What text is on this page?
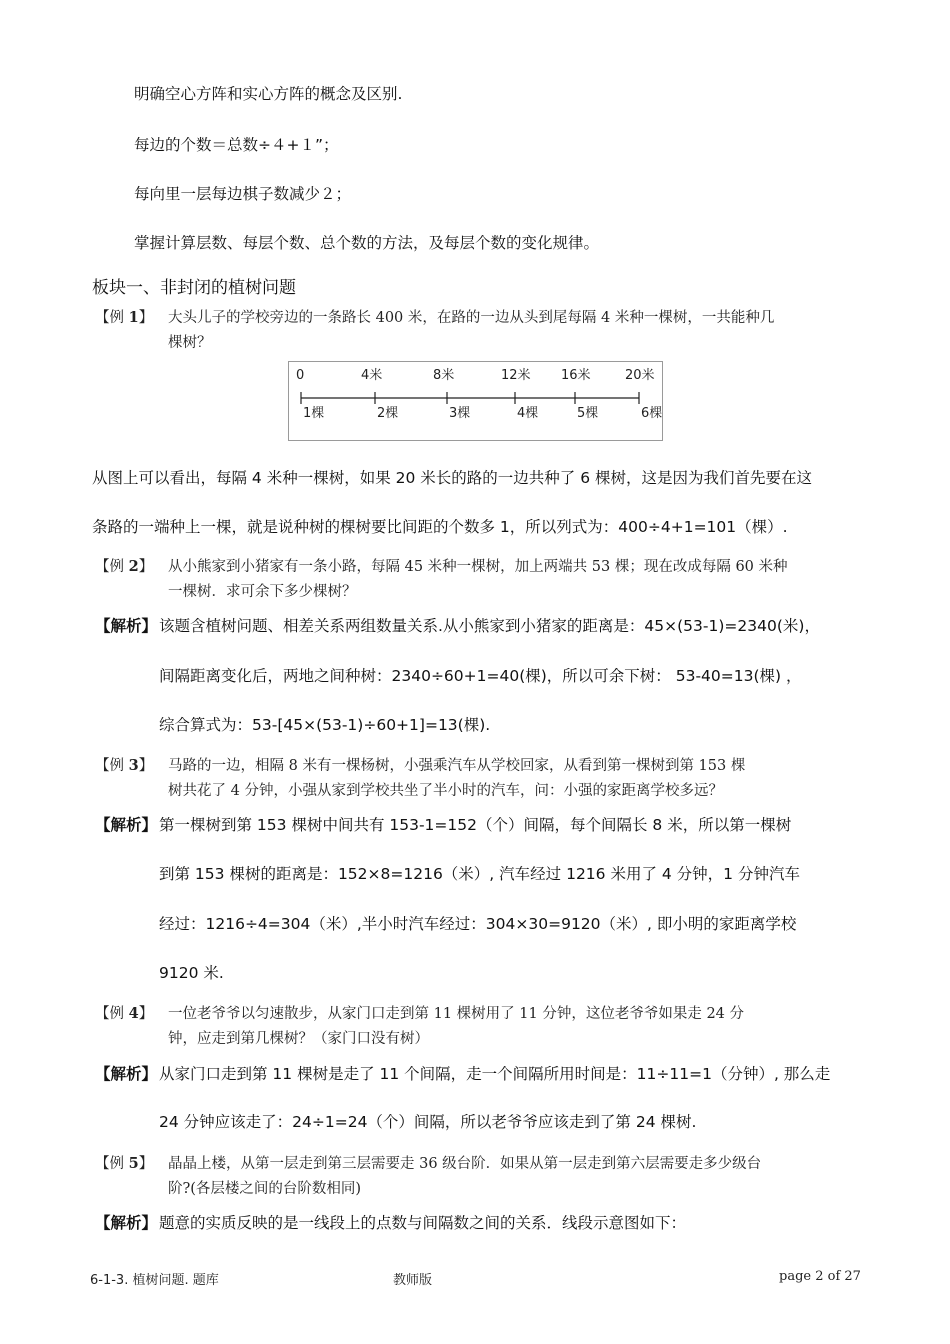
明确空心方阵和实心方阵的概念及区别.
每边的个数＝总数÷４+１”；
每向里一层每边棋子数减少２；
掌握计算层数、每层个数、总个数的方法，及每层个数的变化规律。
板块一、非封闭的植树问题
【例 1】 大头儿子的学校旁边的一条路长 400 米，在路的一边从头到尾每隔 4 米种一棵树，一共能种几
棵树？
0	4米	8米	12米 16米	20米
1棵	2棵	3棵	4棵	5棵	6棵
从图上可以看出，每隔 4 米种一棵树，如果 20 米长的路的一边共种了 6 棵树，这是因为我们首先要在这
条路的一端种上一棵，就是说种树的棵树要比间距的个数多 1，所以列式为：400÷4+1=101（棵）.
【例 2】 从小熊家到小猪家有一条小路，每隔 45 米种一棵树，加上两端共 53 棵；现在改成每隔 60 米种
一棵树．求可余下多少棵树？
【解析】 该题含植树问题、相差关系两组数量关系.从小熊家到小猪家的距离是：45×(53-1)=2340(米)，
间隔距离变化后，两地之间种树：2340÷60+1=40(棵)，所以可余下树： 53-40=13(棵) ，
综合算式为：53-[45×(53-1)÷60+1]=13(棵).
【例 3】 马路的一边，相隔 8 米有一棵杨树，小强乘汽车从学校回家，从看到第一棵树到第 153 棵
树共花了 4 分钟，小强从家到学校共坐了半小时的汽车，问：小强的家距离学校多远？
【解析】 第一棵树到第 153 棵树中间共有 153-1=152（个）间隔，每个间隔长 8 米，所以第一棵树
到第 153 棵树的距离是：152×8=1216（米）, 汽车经过 1216 米用了 4 分钟，1 分钟汽车
经过：1216÷4=304（米）,半小时汽车经过：304×30=9120（米）, 即小明的家距离学校
9120 米.
【例 4】 一位老爷爷以匀速散步，从家门口走到第 11 棵树用了 11 分钟，这位老爷爷如果走 24 分
钟，应走到第几棵树？（家门口没有树）
【解析】 从家门口走到第 11 棵树是走了 11 个间隔，走一个间隔所用时间是：11÷11=1（分钟）, 那么走
24 分钟应该走了：24÷1=24（个）间隔，所以老爷爷应该走到了第 24 棵树.
【例 5】 晶晶上楼，从第一层走到第三层需要走 36 级台阶．如果从第一层走到第六层需要走多少级台
阶?(各层楼之间的台阶数相同)
【解析】 题意的实质反映的是一线段上的点数与间隔数之间的关系．线段示意图如下：
6-1-3. 植树问题. 题库	教师版	page 2 of 27
